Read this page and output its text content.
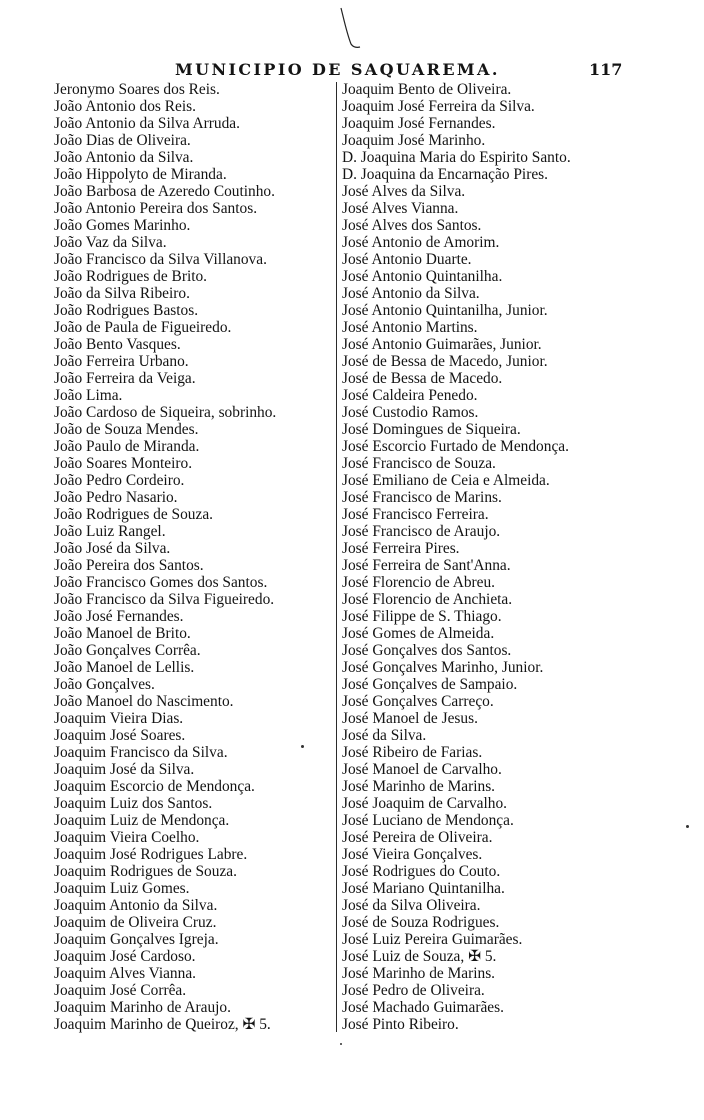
MUNICIPIO DE SAQUAREMA.	117
Jeronymo Soares dos Reis.
João Antonio dos Reis.
João Antonio da Silva Arruda.
João Dias de Oliveira.
João Antonio da Silva.
João Hippolyto de Miranda.
João Barbosa de Azeredo Coutinho.
João Antonio Pereira dos Santos.
João Gomes Marinho.
João Vaz da Silva.
João Francisco da Silva Villanova.
João Rodrigues de Brito.
João da Silva Ribeiro.
João Rodrigues Bastos.
João de Paula de Figueiredo.
João Bento Vasques.
João Ferreira Urbano.
João Ferreira da Veiga.
João Lima.
João Cardoso de Siqueira, sobrinho.
João de Souza Mendes.
João Paulo de Miranda.
João Soares Monteiro.
João Pedro Cordeiro.
João Pedro Nasario.
João Rodrigues de Souza.
João Luiz Rangel.
João José da Silva.
João Pereira dos Santos.
João Francisco Gomes dos Santos.
João Francisco da Silva Figueiredo.
João José Fernandes.
João Manoel de Brito.
João Gonçalves Corrêa.
João Manoel de Lellis.
João Gonçalves.
João Manoel do Nascimento.
Joaquim Vieira Dias.
Joaquim José Soares.
Joaquim Francisco da Silva.
Joaquim José da Silva.
Joaquim Escorcio de Mendonça.
Joaquim Luiz dos Santos.
Joaquim Luiz de Mendonça.
Joaquim Vieira Coelho.
Joaquim José Rodrigues Labre.
Joaquim Rodrigues de Souza.
Joaquim Luiz Gomes.
Joaquim Antonio da Silva.
Joaquim de Oliveira Cruz.
Joaquim Gonçalves Igreja.
Joaquim José Cardoso.
Joaquim Alves Vianna.
Joaquim José Corrêa.
Joaquim Marinho de Araujo.
Joaquim Marinho de Queiroz, ✠ 5.
Joaquim Bento de Oliveira.
Joaquim José Ferreira da Silva.
Joaquim José Fernandes.
Joaquim José Marinho.
D. Joaquina Maria do Espirito Santo.
D. Joaquina da Encarnação Pires.
José Alves da Silva.
José Alves Vianna.
José Alves dos Santos.
José Antonio de Amorim.
José Antonio Duarte.
José Antonio Quintanilha.
José Antonio da Silva.
José Antonio Quintanilha, Junior.
José Antonio Martins.
José Antonio Guimarães, Junior.
José de Bessa de Macedo, Junior.
José de Bessa de Macedo.
José Caldeira Penedo.
José Custodio Ramos.
José Domingues de Siqueira.
José Escorcio Furtado de Mendonça.
José Francisco de Souza.
José Emiliano de Ceia e Almeida.
José Francisco de Marins.
José Francisco Ferreira.
José Francisco de Araujo.
José Ferreira Pires.
José Ferreira de Sant'Anna.
José Florencio de Abreu.
José Florencio de Anchieta.
José Filippe de S. Thiago.
José Gomes de Almeida.
José Gonçalves dos Santos.
José Gonçalves Marinho, Junior.
José Gonçalves de Sampaio.
José Gonçalves Carreço.
José Manoel de Jesus.
José da Silva.
José Ribeiro de Farias.
José Manoel de Carvalho.
José Marinho de Marins.
José Joaquim de Carvalho.
José Luciano de Mendonça.
José Pereira de Oliveira.
José Vieira Gonçalves.
José Rodrigues do Couto.
José Mariano Quintanilha.
José da Silva Oliveira.
José de Souza Rodrigues.
José Luiz Pereira Guimarães.
José Luiz de Souza, ✠ 5.
José Marinho de Marins.
José Pedro de Oliveira.
José Machado Guimarães.
José Pinto Ribeiro.
